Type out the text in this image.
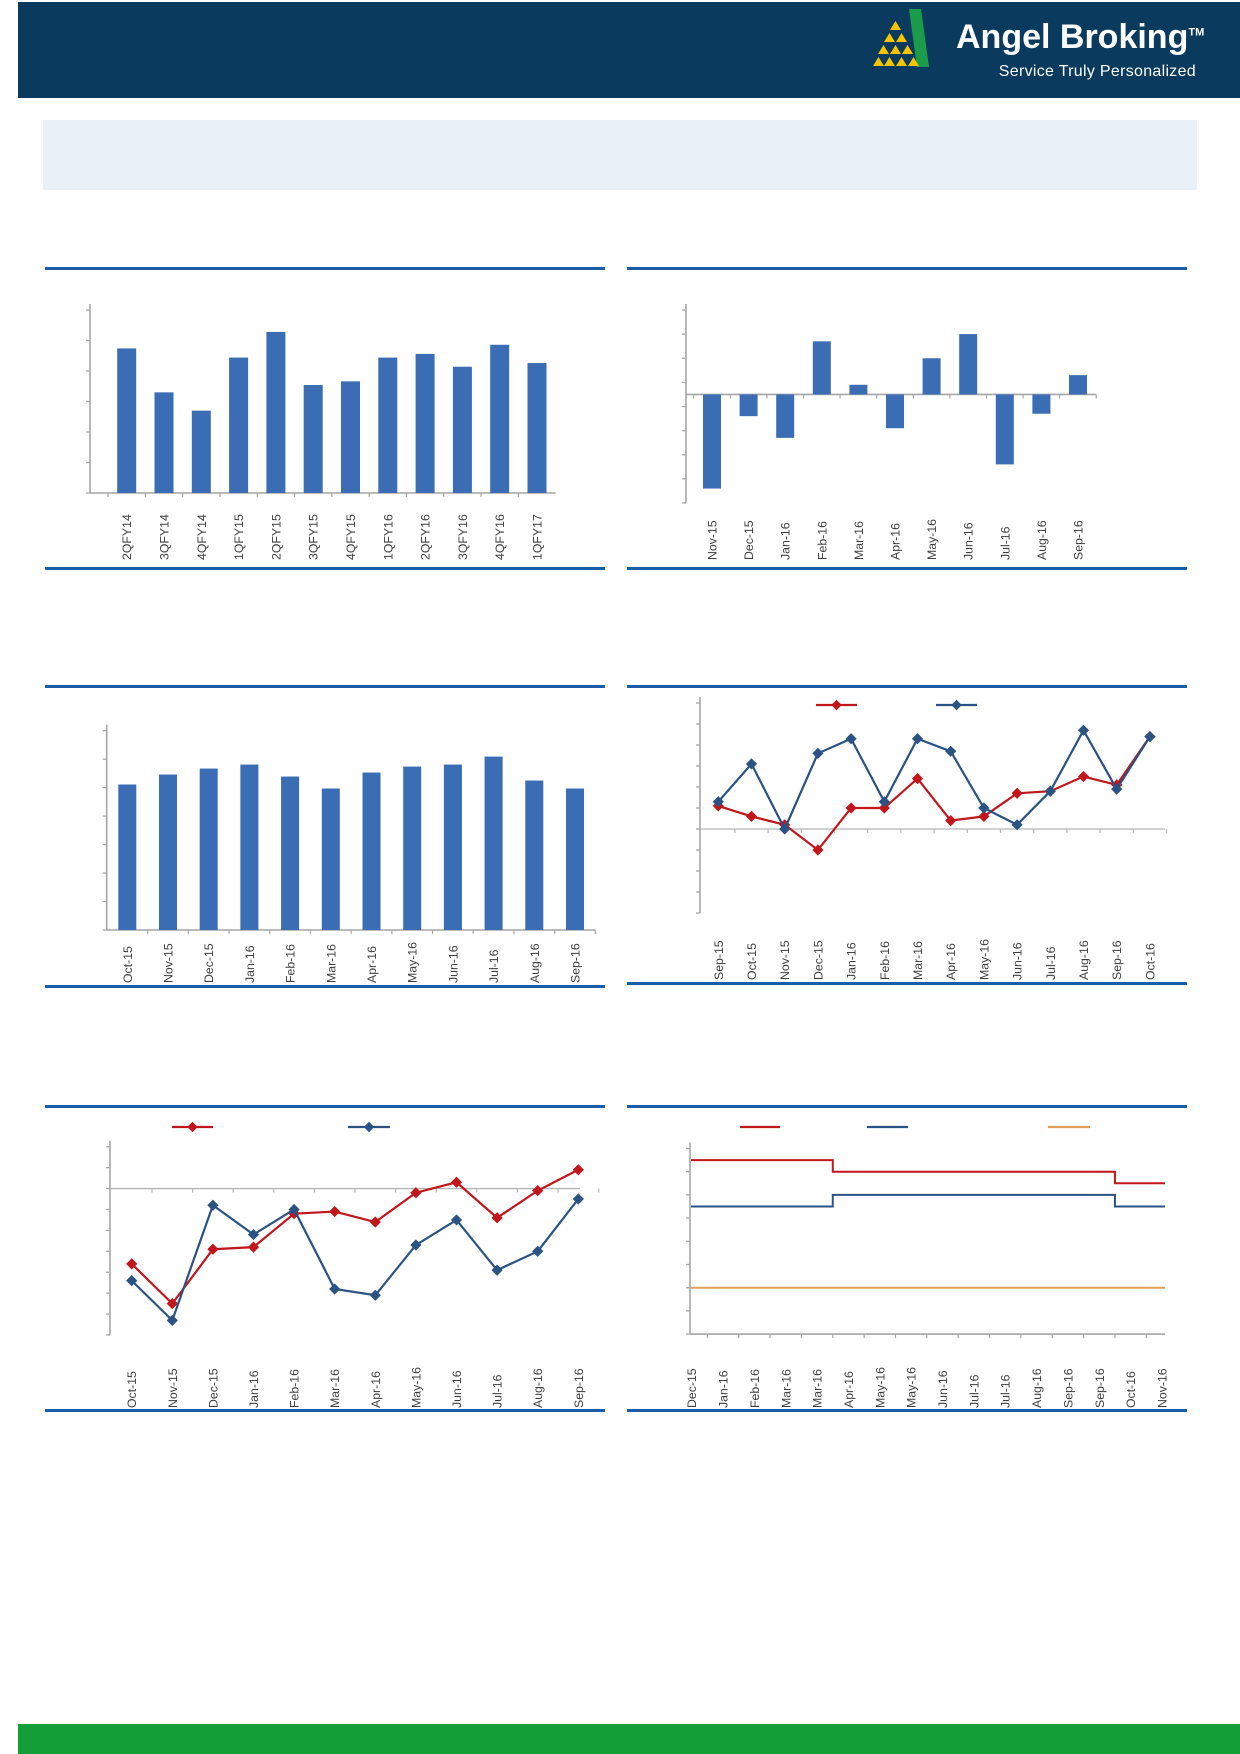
Angel Broking™
Service Truly Personalized
2QFY14 3QFY14 4QFY14 1QFY15 2QFY15 3QFY15 4QFY15 1QFY16 2QFY16 3QFY16 4QFY16 1QFY17	Nov-15 Dec-15 Jan-16 Feb-16 Mar-16 Apr-16 May-16 Jun-16 Jul-16 Aug-16 Sep-16
Oct-15 Nov-15 Dec-15 Jan-16 Feb-16 Mar-16 Apr-16 May-16 Jun-16 Jul-16 Aug-16 Sep-16	Sep-15 Oct-15 Nov-15 Dec-15 Jan-16 Feb-16 Mar-16 Apr-16 May-16 Jun-16 Jul-16 Aug-16 Sep-16 Oct-16
Oct-15 Nov-15 Dec-15 Jan-16 Feb-16 Mar-16 Apr-16 May-16 Jun-16 Jul-16 Aug-16 Sep-16	Dec-15 Jan-16 Feb-16 Mar-16 Mar-16 Apr-16 May-16 May-16 Jun-16 Jul-16 Jul-16 Aug-16 Sep-16 Sep-16 Oct-16 Nov-16
